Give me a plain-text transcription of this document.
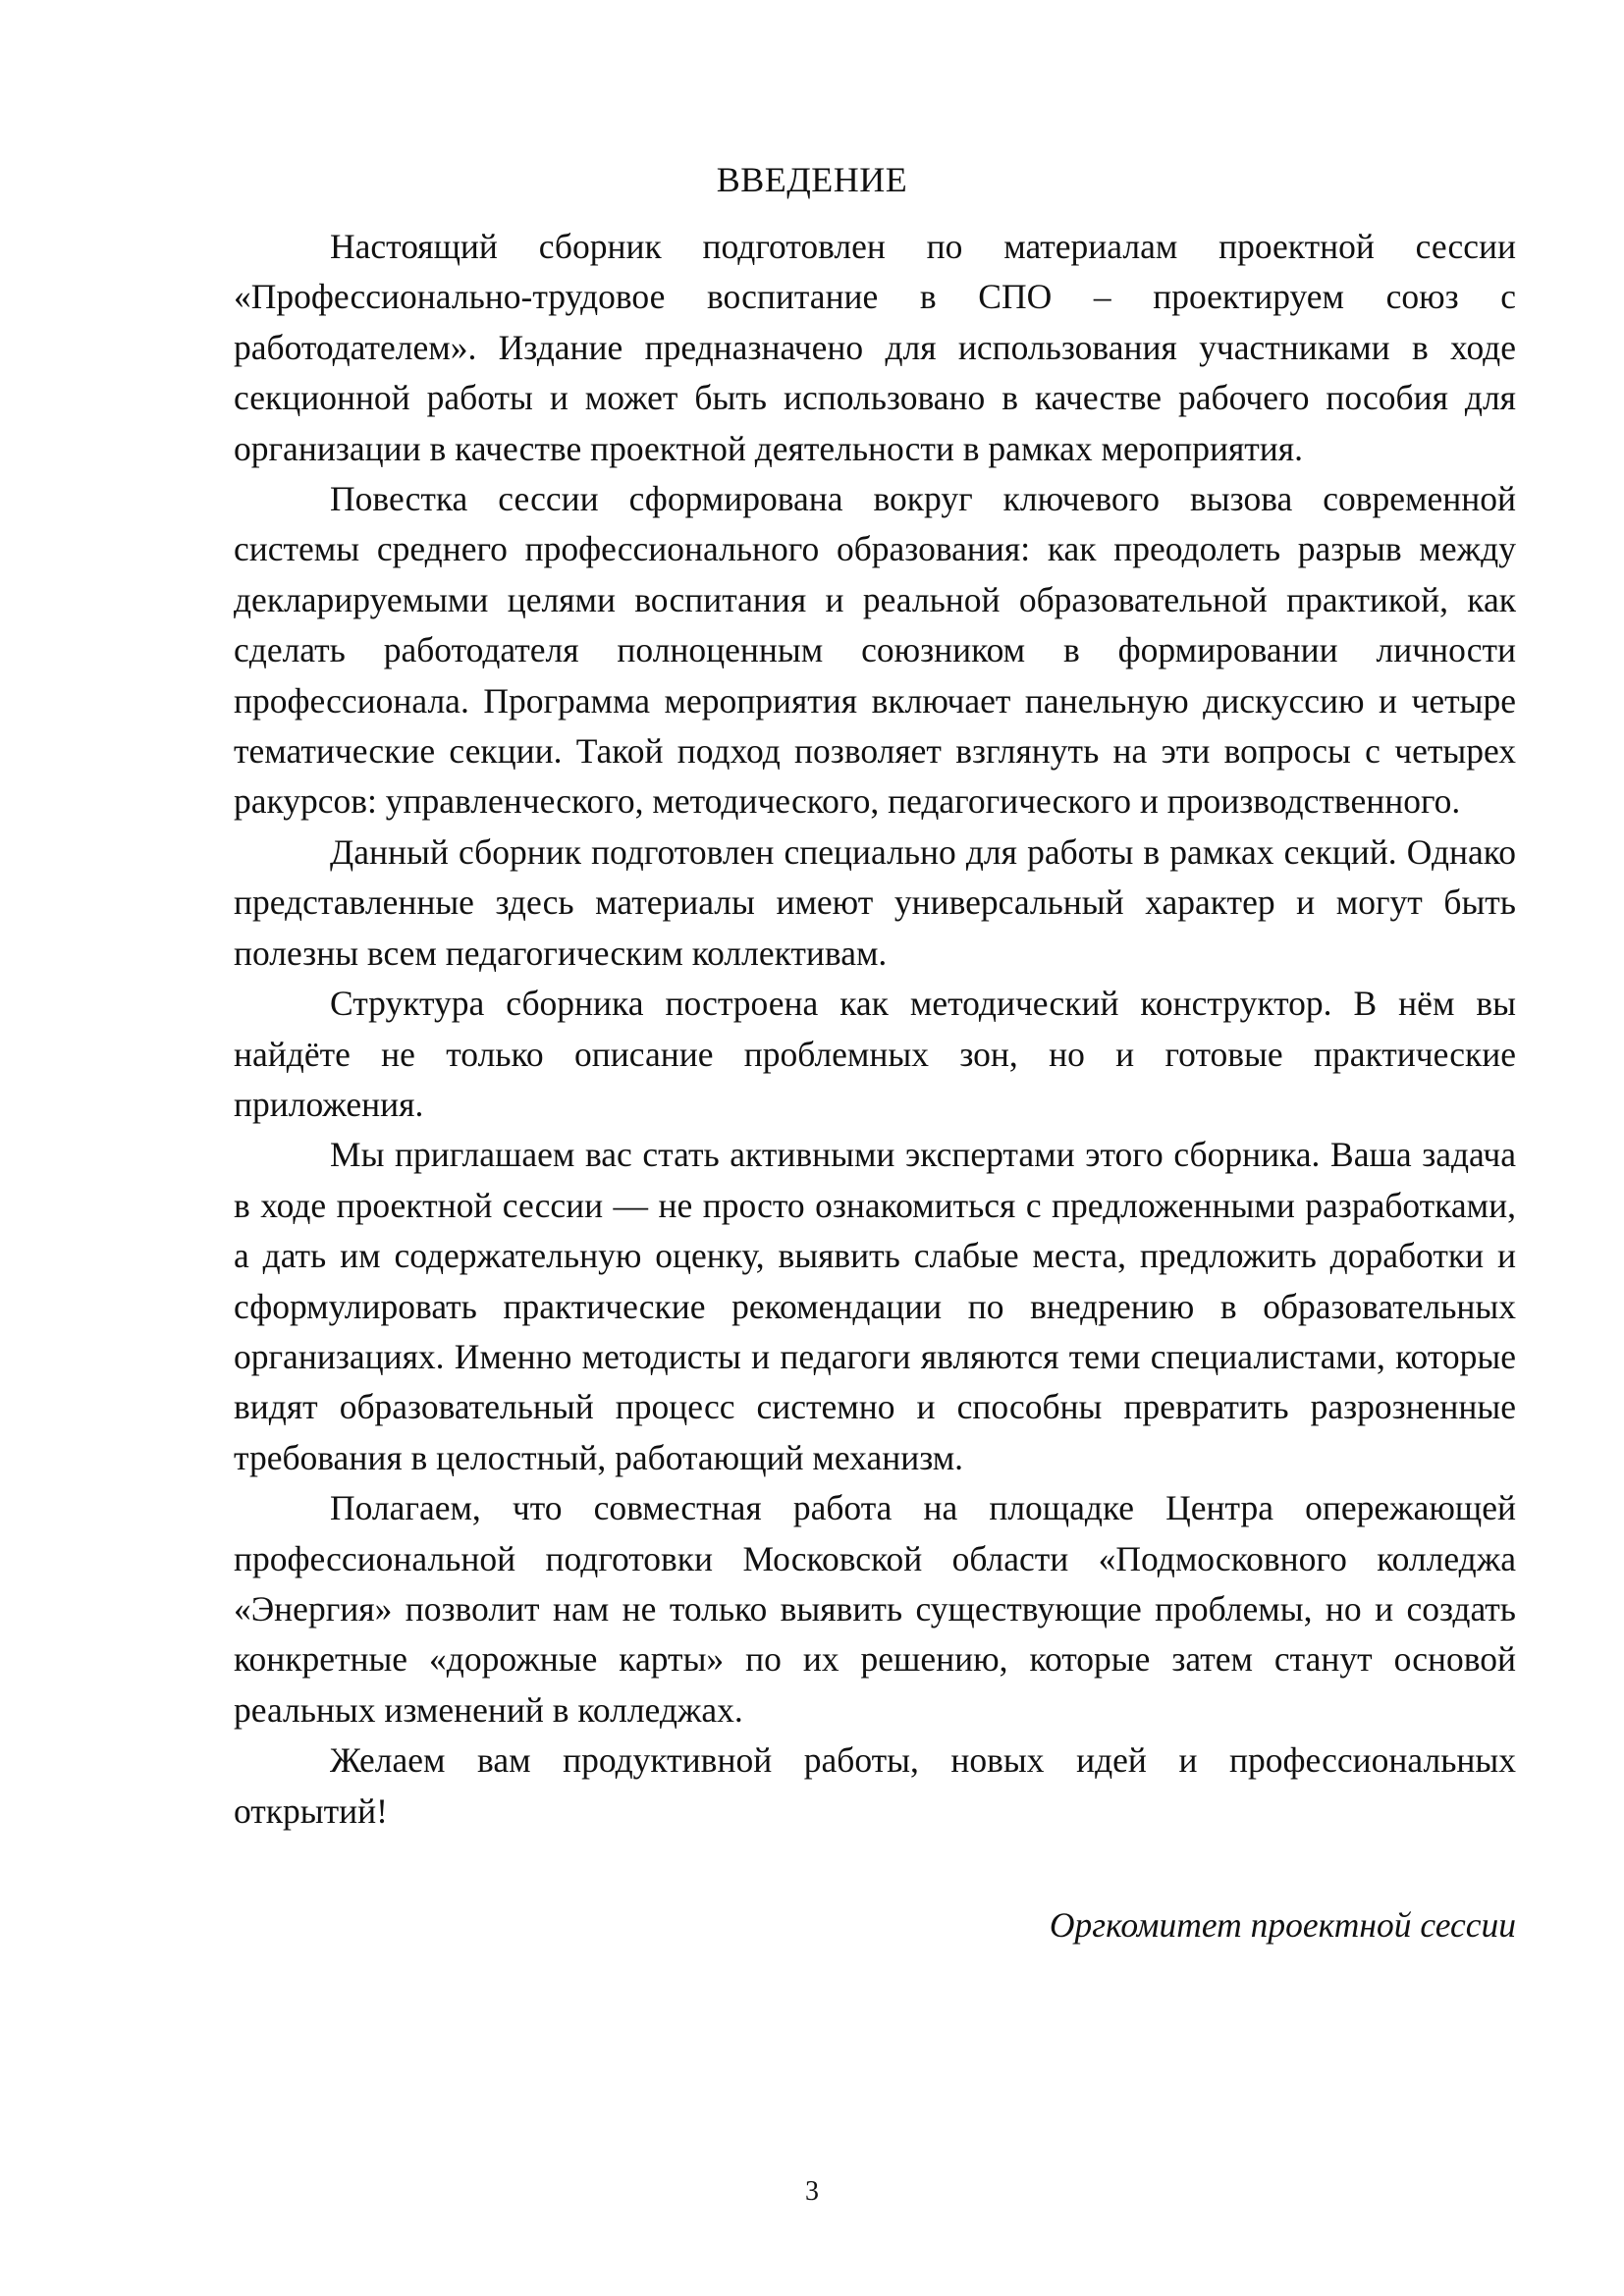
ВВЕДЕНИЕ

Настоящий сборник подготовлен по материалам проектной сессии «Профессионально-трудовое воспитание в СПО – проектируем союз с работодателем». Издание предназначено для использования участниками в ходе секционной работы и может быть использовано в качестве рабочего пособия для организации в качестве проектной деятельности в рамках мероприятия.

Повестка сессии сформирована вокруг ключевого вызова современной системы среднего профессионального образования: как преодолеть разрыв между декларируемыми целями воспитания и реальной образовательной практикой, как сделать работодателя полноценным союзником в формировании личности профессионала. Программа мероприятия включает панельную дискуссию и четыре тематические секции. Такой подход позволяет взглянуть на эти вопросы с четырех ракурсов: управленческого, методического, педагогического и производственного.

Данный сборник подготовлен специально для работы в рамках секций. Однако представленные здесь материалы имеют универсальный характер и могут быть полезны всем педагогическим коллективам.

Структура сборника построена как методический конструктор. В нём вы найдёте не только описание проблемных зон, но и готовые практические приложения.

Мы приглашаем вас стать активными экспертами этого сборника. Ваша задача в ходе проектной сессии — не просто ознакомиться с предложенными разработками, а дать им содержательную оценку, выявить слабые места, предложить доработки и сформулировать практические рекомендации по внедрению в образовательных организациях. Именно методисты и педагоги являются теми специалистами, которые видят образовательный процесс системно и способны превратить разрозненные требования в целостный, работающий механизм.

Полагаем, что совместная работа на площадке Центра опережающей профессиональной подготовки Московской области «Подмосковного колледжа «Энергия» позволит нам не только выявить существующие проблемы, но и создать конкретные «дорожные карты» по их решению, которые затем станут основой реальных изменений в колледжах.

Желаем вам продуктивной работы, новых идей и профессиональных открытий!

Оргкомитет проектной сессии
3
